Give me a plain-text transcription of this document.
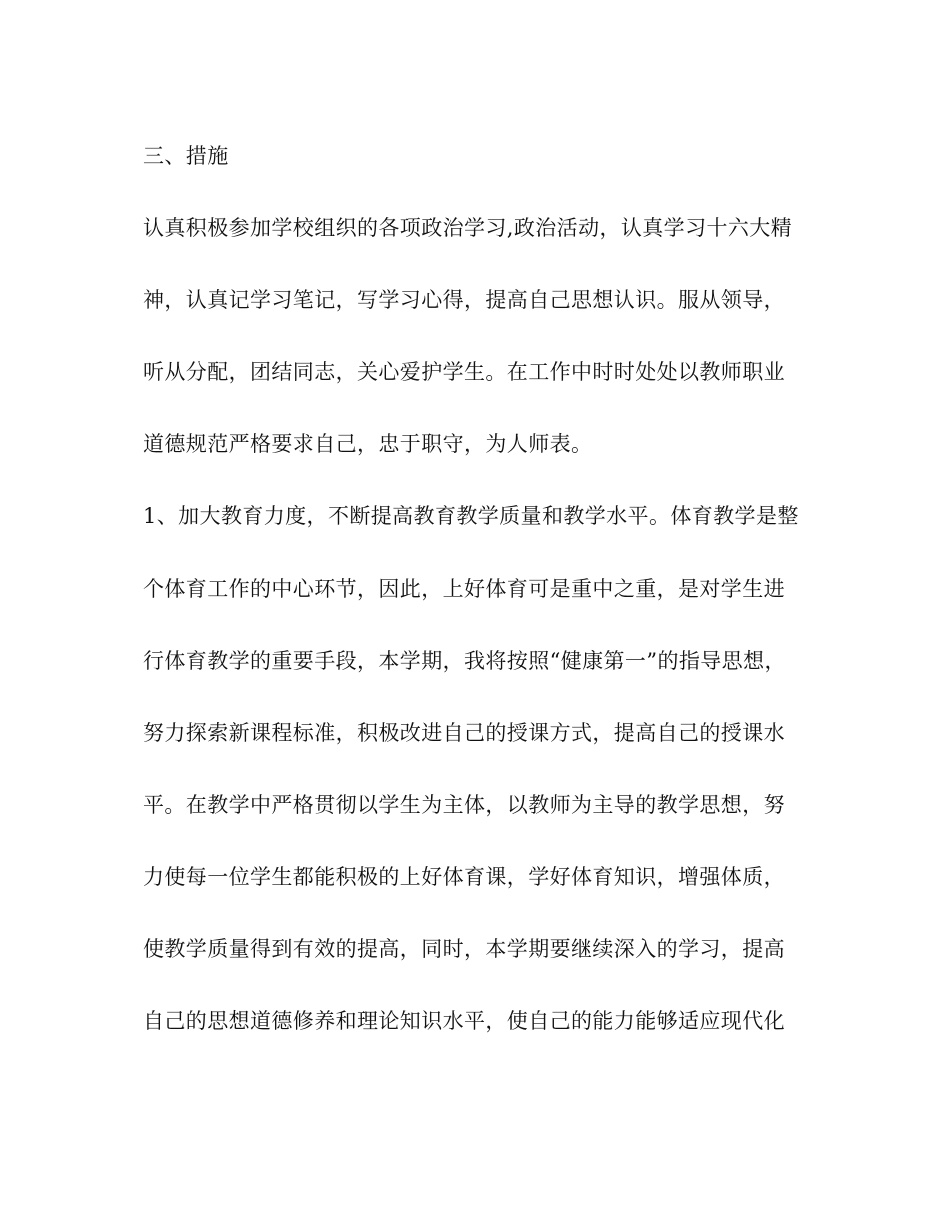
三、措施
认真积极参加学校组织的各项政治学习,政治活动，认真学习十六大精
神，认真记学习笔记，写学习心得，提高自己思想认识。服从领导，
听从分配，团结同志，关心爱护学生。在工作中时时处处以教师职业
道德规范严格要求自己，忠于职守，为人师表。
1、加大教育力度，不断提高教育教学质量和教学水平。体育教学是整
个体育工作的中心环节，因此，上好体育可是重中之重，是对学生进
行体育教学的重要手段，本学期，我将按照“健康第一”的指导思想，
努力探索新课程标准，积极改进自己的授课方式，提高自己的授课水
平。在教学中严格贯彻以学生为主体，以教师为主导的教学思想，努
力使每一位学生都能积极的上好体育课，学好体育知识，增强体质，
使教学质量得到有效的提高，同时，本学期要继续深入的学习，提高
自己的思想道德修养和理论知识水平，使自己的能力能够适应现代化
